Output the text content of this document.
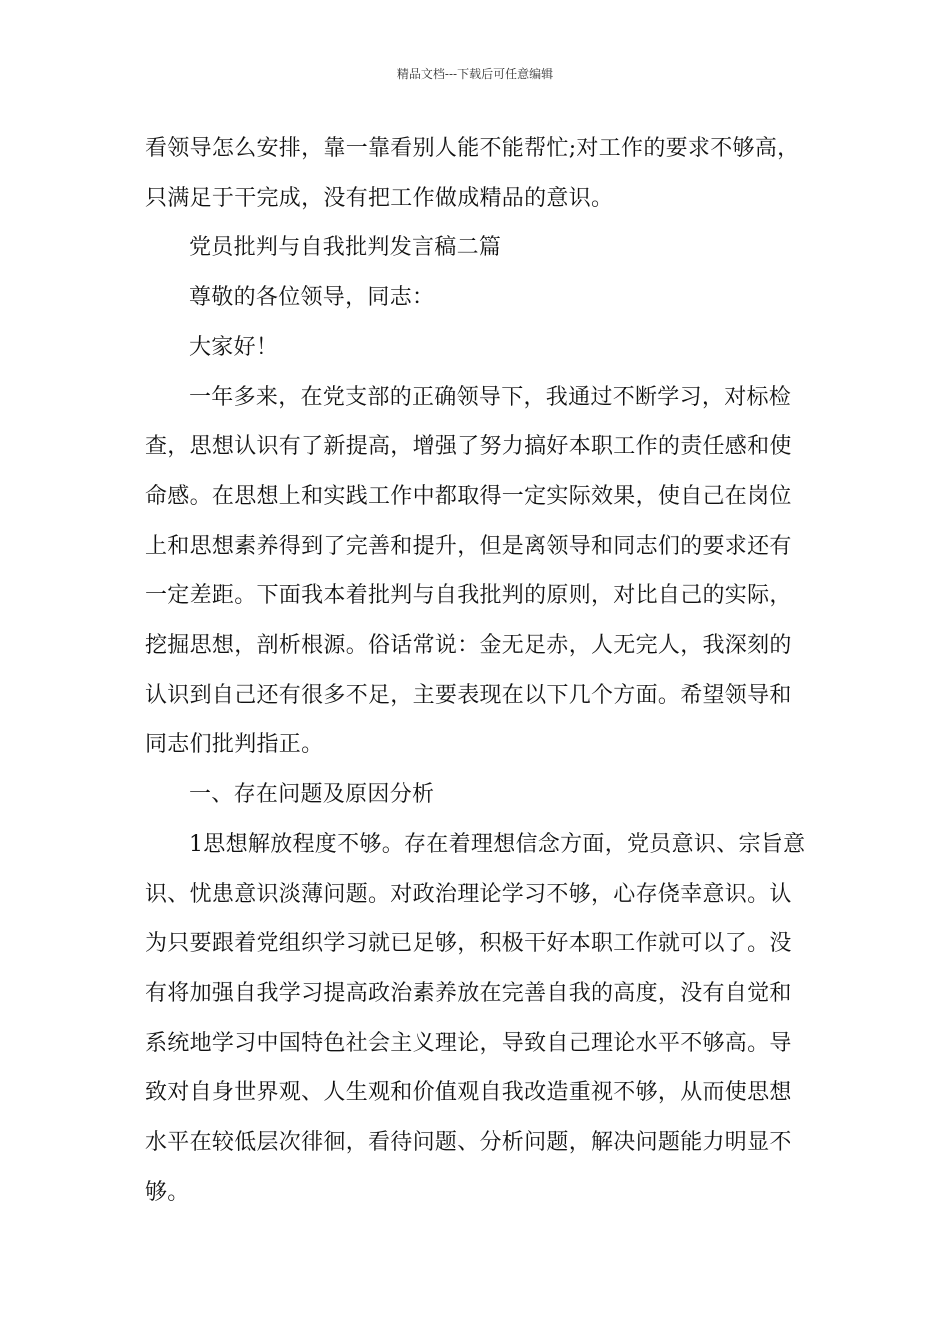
精品文档---下载后可任意编辑

看领导怎么安排，靠一靠看别人能不能帮忙;对工作的要求不够高，只满足于干完成，没有把工作做成精品的意识。

党员批判与自我批判发言稿二篇

尊敬的各位领导，同志：

大家好！

一年多来，在党支部的正确领导下，我通过不断学习，对标检查，思想认识有了新提高，增强了努力搞好本职工作的责任感和使命感。在思想上和实践工作中都取得一定实际效果，使自己在岗位上和思想素养得到了完善和提升，但是离领导和同志们的要求还有一定差距。下面我本着批判与自我批判的原则，对比自己的实际，挖掘思想，剖析根源。俗话常说：金无足赤，人无完人，我深刻的认识到自己还有很多不足，主要表现在以下几个方面。希望领导和同志们批判指正。

一、存在问题及原因分析

1思想解放程度不够。存在着理想信念方面，党员意识、宗旨意识、忧患意识淡薄问题。对政治理论学习不够，心存侥幸意识。认为只要跟着党组织学习就已足够，积极干好本职工作就可以了。没有将加强自我学习提高政治素养放在完善自我的高度，没有自觉和系统地学习中国特色社会主义理论，导致自己理论水平不够高。导致对自身世界观、人生观和价值观自我改造重视不够，从而使思想水平在较低层次徘徊，看待问题、分析问题，解决问题能力明显不够。
